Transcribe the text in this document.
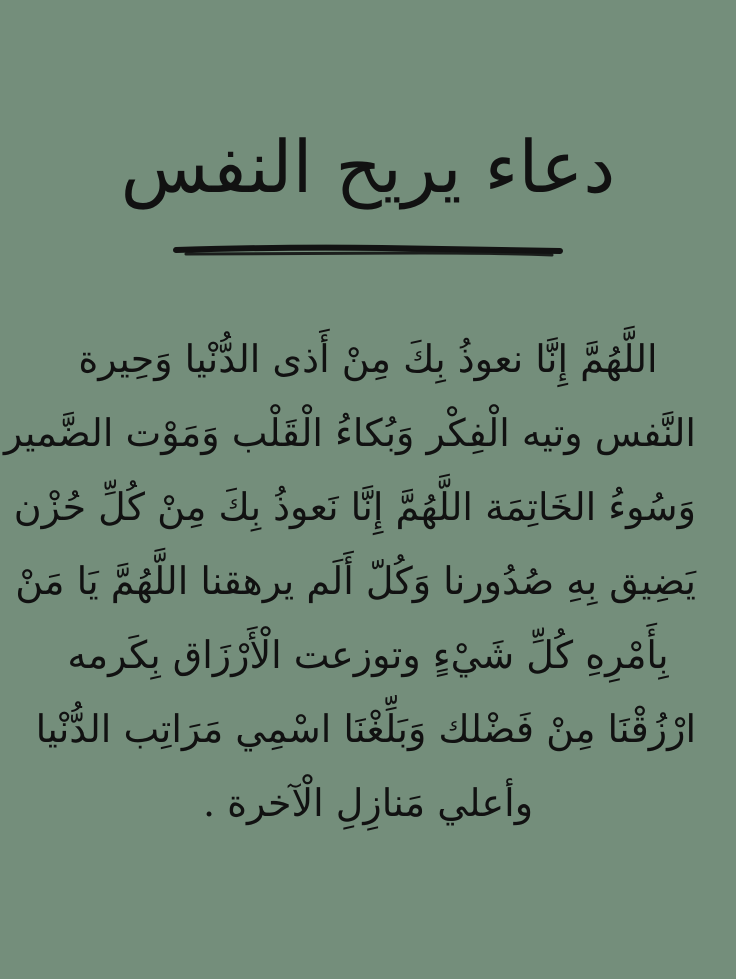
دعاء يريح النفس
اللَّهُمَّ إِنَّا نعوذُ بِكَ مِنْ أَذى الدُّنْيا وَحِيرة
النَّفس وتيه الْفِكْر وَبُكاءُ الْقَلْب وَمَوْت الضَّمير
وَسُوءُ الخَاتِمَة اللَّهُمَّ إِنَّا نَعوذُ بِكَ مِنْ كُلِّ حُزْن
يَضِيق بِهِ صُدُورنا وَكُلّ أَلَم يرهقنا اللَّهُمَّ يَا مَنْ
بِأَمْرِهِ كُلِّ شَيْءٍ وتوزعت الْأَرْزَاق بِكَرمه
ارْزُقْنَا مِنْ فَضْلك وَبَلِّغْنَا اسْمِي مَرَاتِب الدُّنْيا
وأعلي مَنازِلِ الْآخرة .
